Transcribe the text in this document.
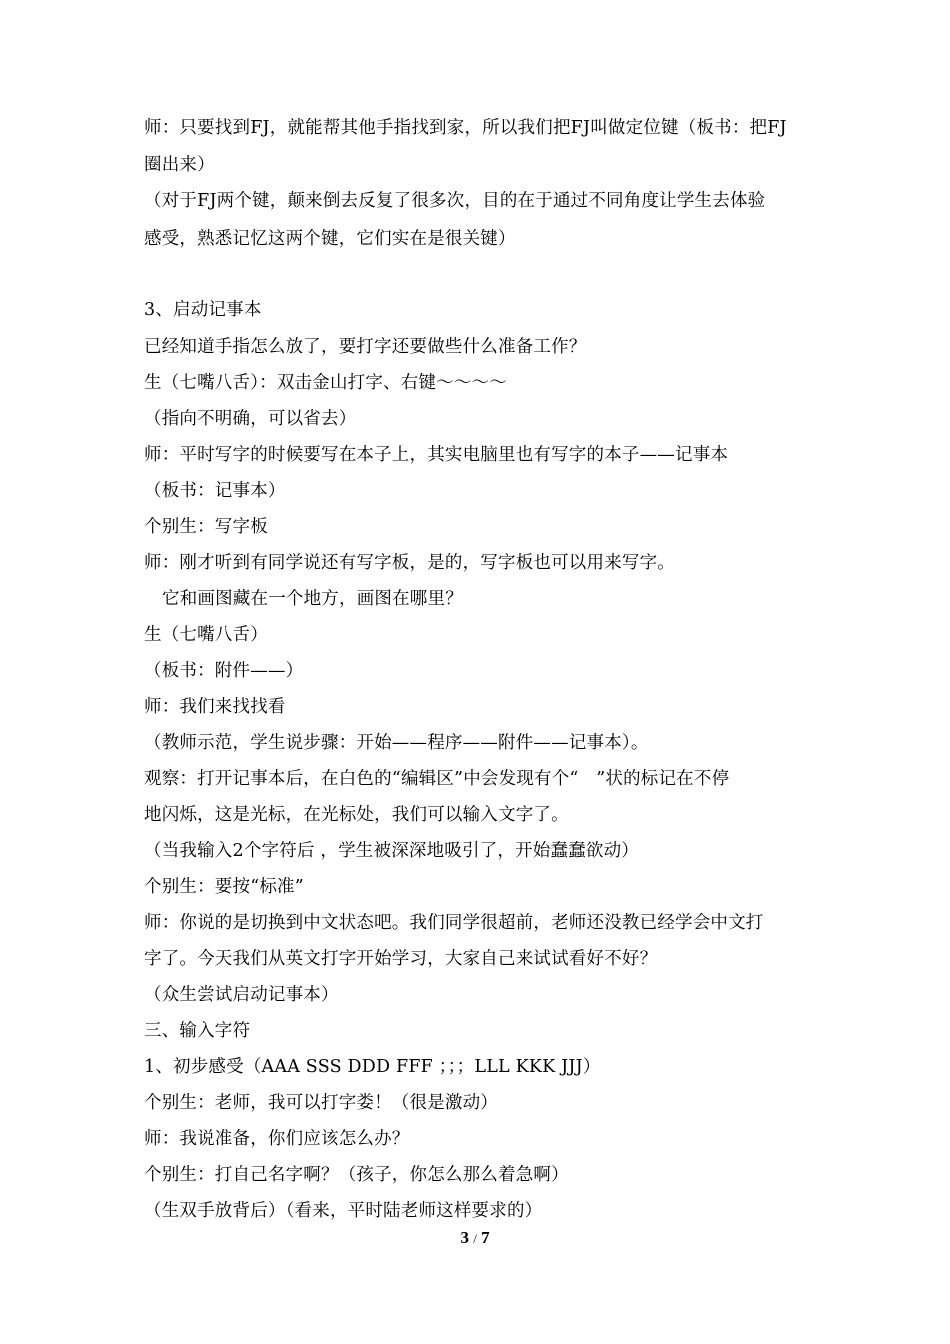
师：只要找到FJ，就能帮其他手指找到家，所以我们把FJ叫做定位键（板书：把FJ
圈出来）
（对于FJ两个键，颠来倒去反复了很多次，目的在于通过不同角度让学生去体验
感受，熟悉记忆这两个键，它们实在是很关键）
3、启动记事本
已经知道手指怎么放了，要打字还要做些什么准备工作？
生（七嘴八舌）：双击金山打字、右键～～～～
（指向不明确，可以省去）
师：平时写字的时候要写在本子上，其实电脑里也有写字的本子——记事本
（板书：记事本）
个别生：写字板
师：刚才听到有同学说还有写字板，是的，写字板也可以用来写字。
它和画图藏在一个地方，画图在哪里？
生（七嘴八舌）
（板书：附件——）
师：我们来找找看
（教师示范，学生说步骤：开始——程序——附件——记事本）。
观察：打开记事本后，在白色的“编辑区”中会发现有个“　”状的标记在不停
地闪烁，这是光标，在光标处，我们可以输入文字了。
（当我输入2个字符后 ，学生被深深地吸引了，开始蠢蠢欲动）
个别生：要按“标准”
师：你说的是切换到中文状态吧。我们同学很超前，老师还没教已经学会中文打
字了。今天我们从英文打字开始学习，大家自己来试试看好不好？
（众生尝试启动记事本）
三、输入字符
1、初步感受（AAA SSS DDD FFF ；；；LLL KKK JJJ）
个别生：老师，我可以打字娄！（很是激动）
师：我说准备，你们应该怎么办？
个别生：打自己名字啊？（孩子，你怎么那么着急啊）
（生双手放背后）（看来，平时陆老师这样要求的）
3 / 7
